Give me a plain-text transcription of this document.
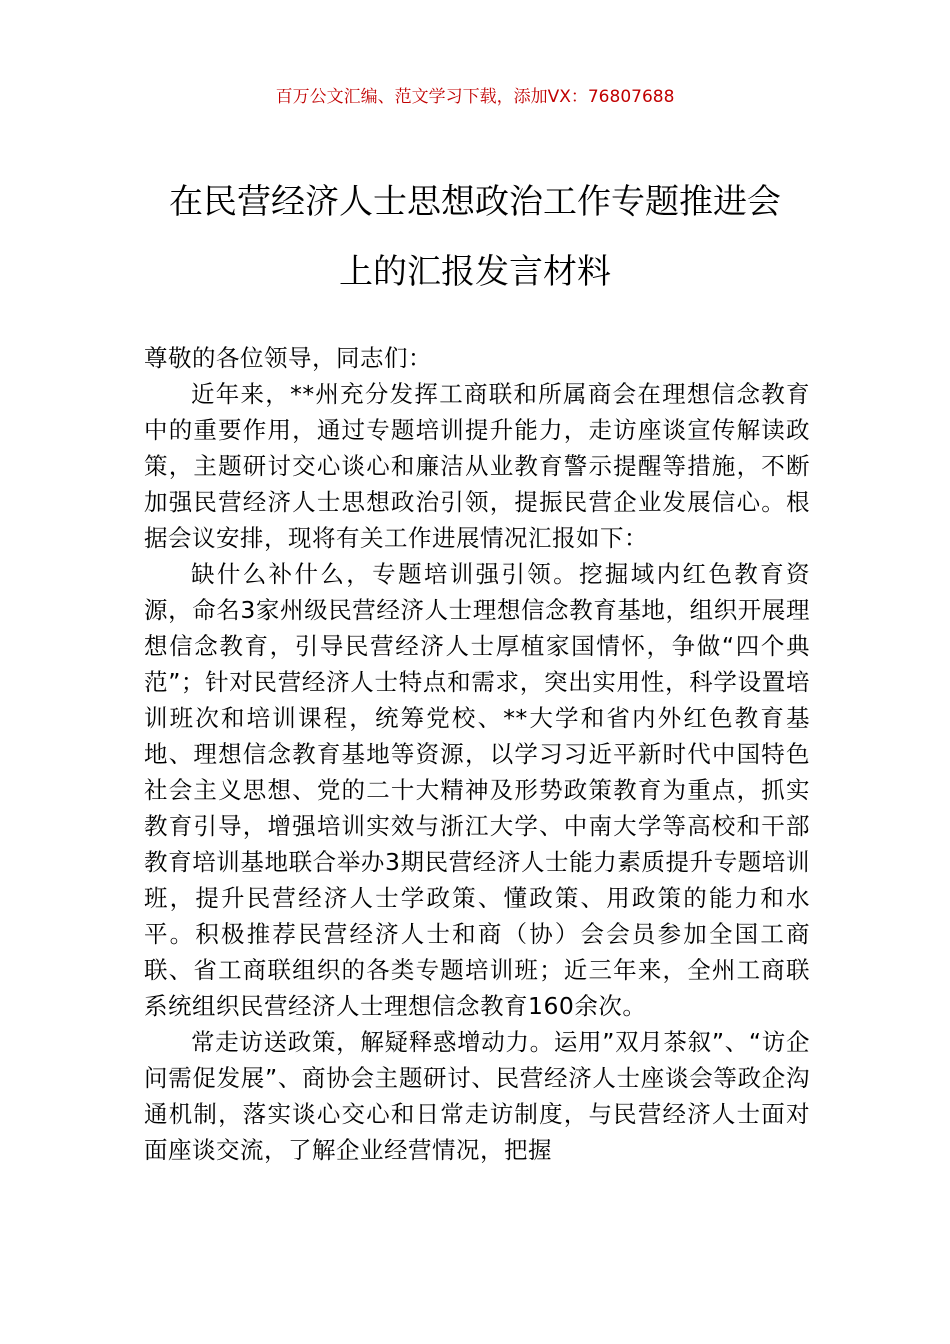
百万公文汇编、范文学习下载，添加VX：76807688
在民营经济人士思想政治工作专题推进会
上的汇报发言材料

尊敬的各位领导，同志们：

近年来，**州充分发挥工商联和所属商会在理想信念教育中的重要作用，通过专题培训提升能力，走访座谈宣传解读政策，主题研讨交心谈心和廉洁从业教育警示提醒等措施，不断加强民营经济人士思想政治引领，提振民营企业发展信心。根据会议安排，现将有关工作进展情况汇报如下：

缺什么补什么，专题培训强引领。挖掘域内红色教育资源，命名3家州级民营经济人士理想信念教育基地，组织开展理想信念教育，引导民营经济人士厚植家国情怀，争做“四个典范”；针对民营经济人士特点和需求，突出实用性，科学设置培训班次和培训课程，统筹党校、**大学和省内外红色教育基地、理想信念教育基地等资源，以学习习近平新时代中国特色社会主义思想、党的二十大精神及形势政策教育为重点，抓实教育引导，增强培训实效与浙江大学、中南大学等高校和干部教育培训基地联合举办3期民营经济人士能力素质提升专题培训班，提升民营经济人士学政策、懂政策、用政策的能力和水平。积极推荐民营经济人士和商（协）会会员参加全国工商联、省工商联组织的各类专题培训班；近三年来，全州工商联系统组织民营经济人士理想信念教育160余次。

常走访送政策，解疑释惑增动力。运用”双月茶叙”、“访企问需促发展”、商协会主题研讨、民营经济人士座谈会等政企沟通机制，落实谈心交心和日常走访制度，与民营经济人士面对面座谈交流，了解企业经营情况，把握
